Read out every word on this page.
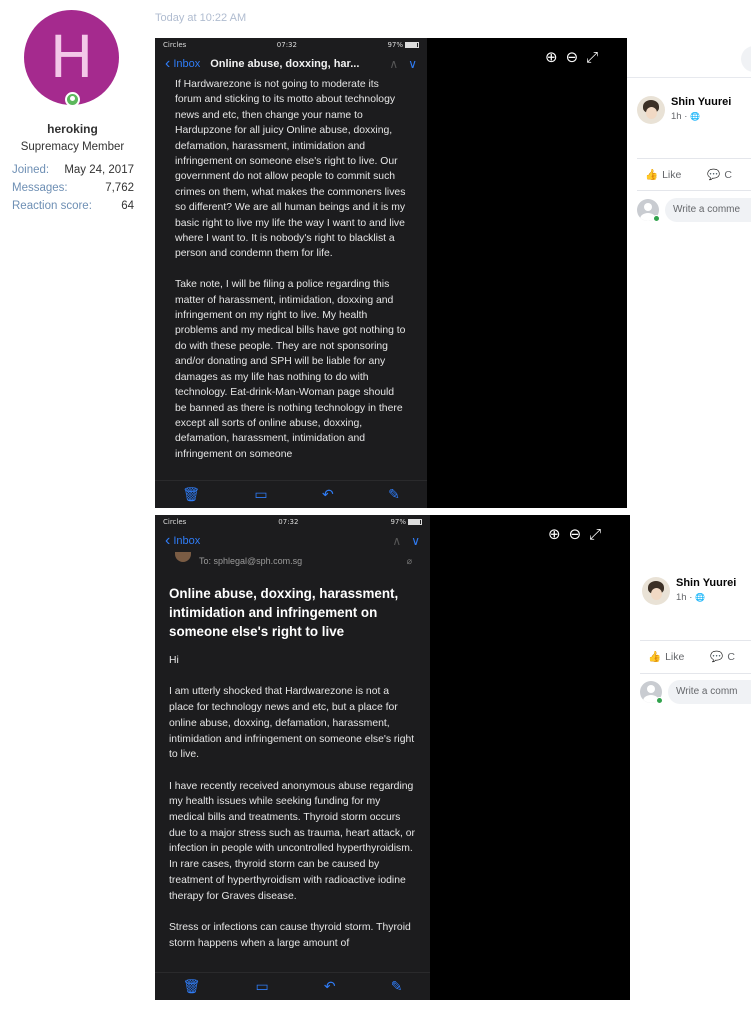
H
heroking
Supremacy Member
Joined: May 24, 2017
Messages:	7,762
Reaction score:	64
Today at 10:22 AM
Circles	07:32	97%
‹ Inbox Online abuse, doxxing, har...	∧ ∨

If Hardwarezone is not going to moderate its forum and sticking to its motto about technology news and etc, then change your name to Hardupzone for all juicy Online abuse, doxxing, defamation, harassment, intimidation and infringement on someone else's right to live. Our government do not allow people to commit such crimes on them, what makes the commoners lives so different? We are all human beings and it is my basic right to live my life the way I want to and live where I want to. It is nobody's right to blacklist a person and condemn them for life.

Take note, I will be filing a police regarding this matter of harassment, intimidation, doxxing and infringement on my right to live. My health problems and my medical bills have got nothing to do with these people. They are not sponsoring and/or donating and SPH will be liable for any damages as my life has nothing to do with technology. Eat-drink-Man-Woman page should be banned as there is nothing technology in there except all sorts of online abuse, doxxing, defamation, harassment, intimidation and infringement on someone

🗑	▭	↶	✎
⊕ ⊖ ⤢
Shin Yuurei
1h · 🌐
👍 Like 💬 C
Write a comme
Circles	07:32	97%
‹ Inbox	∧ ∨
To: sphlegal@sph.com.sg	⌀
Online abuse, doxxing, harassment, intimidation and infringement on someone else's right to live

Hi

I am utterly shocked that Hardwarezone is not a place for technology news and etc, but a place for online abuse, doxxing, defamation, harassment, intimidation and infringement on someone else's right to live.

I have recently received anonymous abuse regarding my health issues while seeking funding for my medical bills and treatments. Thyroid storm occurs due to a major stress such as trauma, heart attack, or infection in people with uncontrolled hyperthyroidism. In rare cases, thyroid storm can be caused by treatment of hyperthyroidism with radioactive iodine therapy for Graves disease.

Stress or infections can cause thyroid storm. Thyroid storm happens when a large amount of

🗑	▭	↶	✎
⊕ ⊖ ⤢
Shin Yuurei
1h · 🌐
👍 Like 💬 C
Write a comm
